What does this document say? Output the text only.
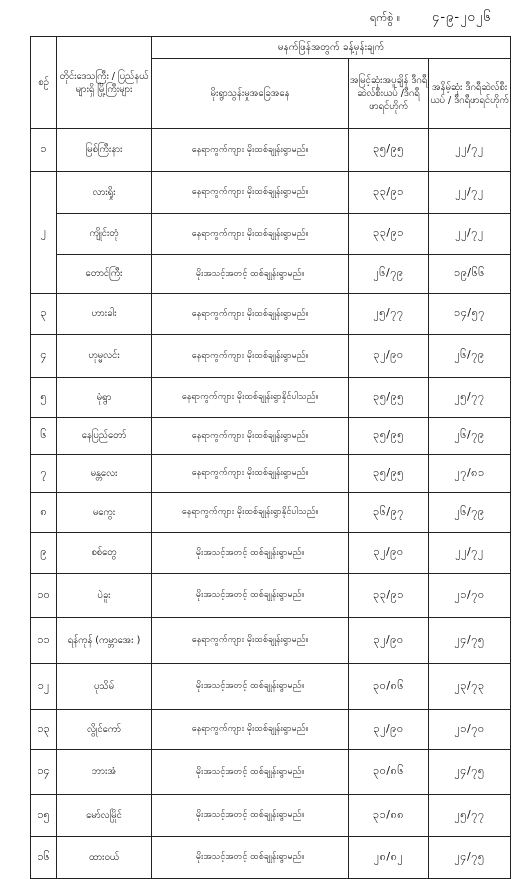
ရက်စွဲ ။ ၄-၉-၂၀၂၆
စဉ်	တိုင်းဒေသကြီး / ပြည်နယ်များရှိ မြို့ကြီးများ	မနက်ဖြန်အတွက် ခန့်မှန်းချက်		
		မိုးရွာသွန်းမှုအခြေအနေ	အမြင့်ဆုံးအပူချိန် ဒီဂရီဆဲလ်စီးယပ် /ဒီဂရီဖာရင်ဟိုက်	အနိမ့်ဆုံး ဒီဂရီဆဲလ်စီးယပ် / ဒီဂရီဖာရင်ဟိုက်
၁	မြစ်ကြီးနား	နေရာကွက်ကျား မိုးထစ်ချုန်းရွာမည်။	၃၅/၉၅	၂၂/၇၂
၂	လားရှိုး	နေရာကွက်ကျား မိုးထစ်ချုန်းရွာမည်။	၃၃/၉၁	၂၂/၇၂
	ကျိုင်းတုံ	နေရာကွက်ကျား မိုးထစ်ချုန်းရွာမည်။	၃၃/၉၁	၂၂/၇၂
	တောင်ကြီး	မိုးအသင့်အတင့် ထစ်ချုန်းရွာမည်။	၂၆/၇၉	၁၉/၆၆
၃	ဟားခါး	နေရာကွက်ကျား မိုးထစ်ချုန်းရွာမည်။	၂၅/၇၇	၁၄/၅၇
၄	ဟုမ္မလင်း	နေရာကွက်ကျား မိုးထစ်ချုန်းရွာမည်။	၃၂/၉၀	၂၆/၇၉
၅	မုံရွာ	နေရာကွက်ကျား မိုးထစ်ချုန်းရွာနိုင်ပါသည်။	၃၅/၉၅	၂၅/၇၇
၆	နေပြည်တော်	နေရာကွက်ကျား မိုးထစ်ချုန်းရွာမည်။	၃၅/၉၅	၂၆/၇၉
၇	မန္တလေး	နေရာကွက်ကျား မိုးထစ်ချုန်းရွာမည်။	၃၅/၉၅	၂၇/၈၁
၈	မကွေး	နေရာကွက်ကျား မိုးထစ်ချုန်းရွာနိုင်ပါသည်။	၃၆/၉၇	၂၆/၇၉
၉	စစ်တွေ	မိုးအသင့်အတင့် ထစ်ချုန်းရွာမည်။	၃၂/၉၀	၂၂/၇၂
၁၀	ပဲခူး	မိုးအသင့်အတင့် ထစ်ချုန်းရွာမည်။	၃၃/၉၁	၂၁/၇၀
၁၁	ရန်ကုန် (ကမ္ဘာအေး )	နေရာကွက်ကျား မိုးထစ်ချုန်းရွာမည်။	၃၂/၉၀	၂၄/၇၅
၁၂	ပုသိမ်	မိုးအသင့်အတင့် ထစ်ချုန်းရွာမည်။	၃၀/၈၆	၂၃/၇၃
၁၃	လွိုင်ကော်	နေရာကွက်ကျား မိုးထစ်ချုန်းရွာမည်။	၃၂/၉၀	၂၁/၇၀
၁၄	ဘားအံ	မိုးအသင့်အတင့် ထစ်ချုန်းရွာမည်။	၃၀/၈၆	၂၄/၇၅
၁၅	မော်လမြိုင်	မိုးအသင့်အတင့် ထစ်ချုန်းရွာမည်။	၃၁/၈၈	၂၅/၇၇
၁၆	ထားဝယ်	မိုးအသင့်အတင့် ထစ်ချုန်းရွာမည်။	၂၈/၈၂	၂၄/၇၅
